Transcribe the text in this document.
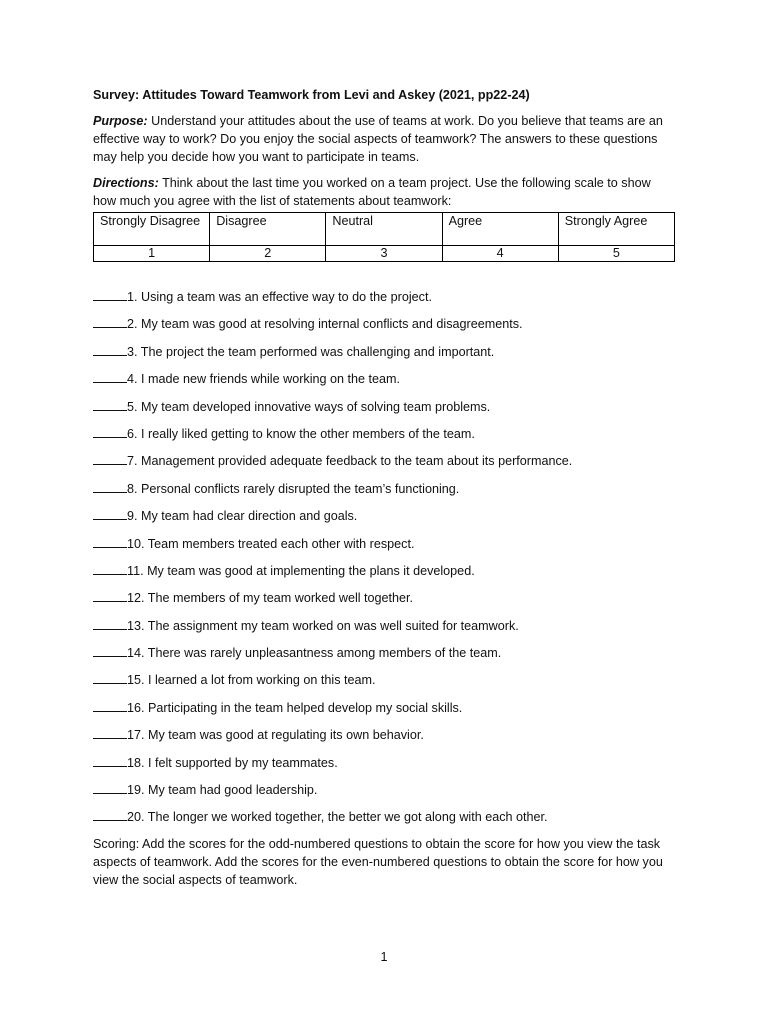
Survey: Attitudes Toward Teamwork from Levi and Askey (2021, pp22-24)
Purpose: Understand your attitudes about the use of teams at work. Do you believe that teams are an effective way to work? Do you enjoy the social aspects of teamwork? The answers to these questions may help you decide how you want to participate in teams.
Directions: Think about the last time you worked on a team project. Use the following scale to show how much you agree with the list of statements about teamwork:
Strongly Disagree	Disagree	Neutral	Agree	Strongly Agree
1	2	3	4	5
1. Using a team was an effective way to do the project.
2. My team was good at resolving internal conflicts and disagreements.
3. The project the team performed was challenging and important.
4. I made new friends while working on the team.
5. My team developed innovative ways of solving team problems.
6. I really liked getting to know the other members of the team.
7. Management provided adequate feedback to the team about its performance.
8. Personal conflicts rarely disrupted the team’s functioning.
9. My team had clear direction and goals.
10. Team members treated each other with respect.
11. My team was good at implementing the plans it developed.
12. The members of my team worked well together.
13. The assignment my team worked on was well suited for teamwork.
14. There was rarely unpleasantness among members of the team.
15. I learned a lot from working on this team.
16. Participating in the team helped develop my social skills.
17. My team was good at regulating its own behavior.
18. I felt supported by my teammates.
19. My team had good leadership.
20. The longer we worked together, the better we got along with each other.
Scoring: Add the scores for the odd-numbered questions to obtain the score for how you view the task aspects of teamwork. Add the scores for the even-numbered questions to obtain the score for how you view the social aspects of teamwork.
1
